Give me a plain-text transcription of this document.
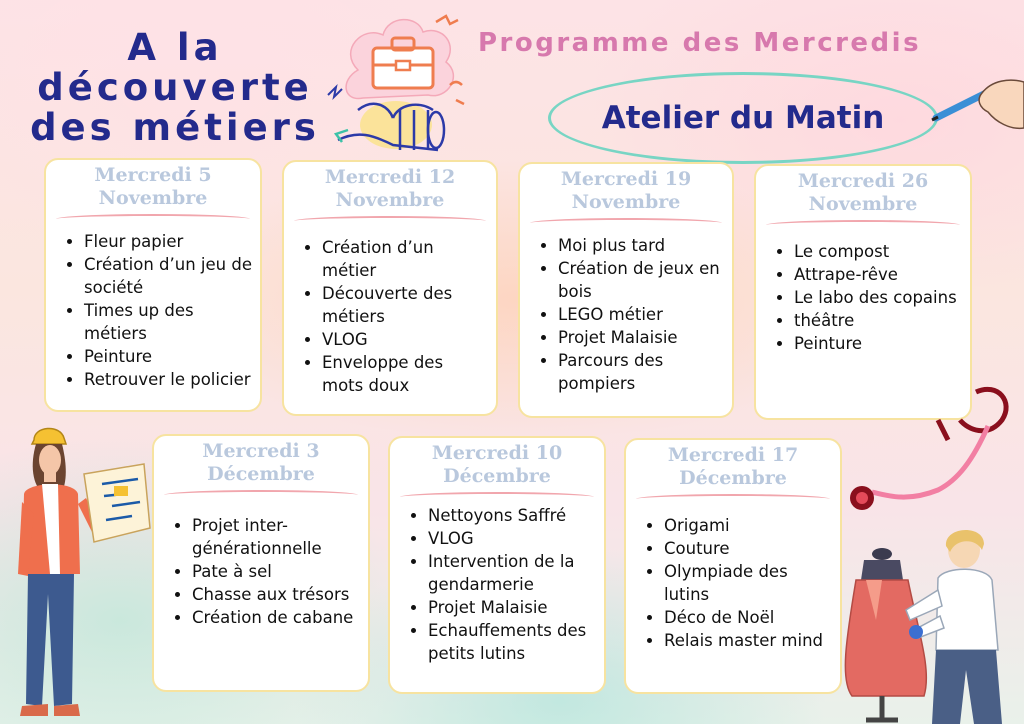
A la
découverte
des métiers
Programme des Mercredis
Atelier du Matin
Mercredi 5
Novembre
• Fleur papier
• Création d’un jeu de société
• Times up des métiers
• Peinture
• Retrouver le policier
Mercredi 12
Novembre
• Création d’un métier
• Découverte des métiers
• VLOG
• Enveloppe des mots doux
Mercredi 19
Novembre
• Moi plus tard
• Création de jeux en bois
• LEGO métier
• Projet Malaisie
• Parcours des pompiers
Mercredi 26
Novembre
• Le compost
• Attrape-rêve
• Le labo des copains
• théâtre
• Peinture
Mercredi 3
Décembre
• Projet inter-générationnelle
• Pate à sel
• Chasse aux trésors
• Création de cabane
Mercredi 10
Décembre
• Nettoyons Saffré
• VLOG
• Intervention de la gendarmerie
• Projet Malaisie
• Echauffements des petits lutins
Mercredi 17
Décembre
• Origami
• Couture
• Olympiade des lutins
• Déco de Noël
• Relais master mind
